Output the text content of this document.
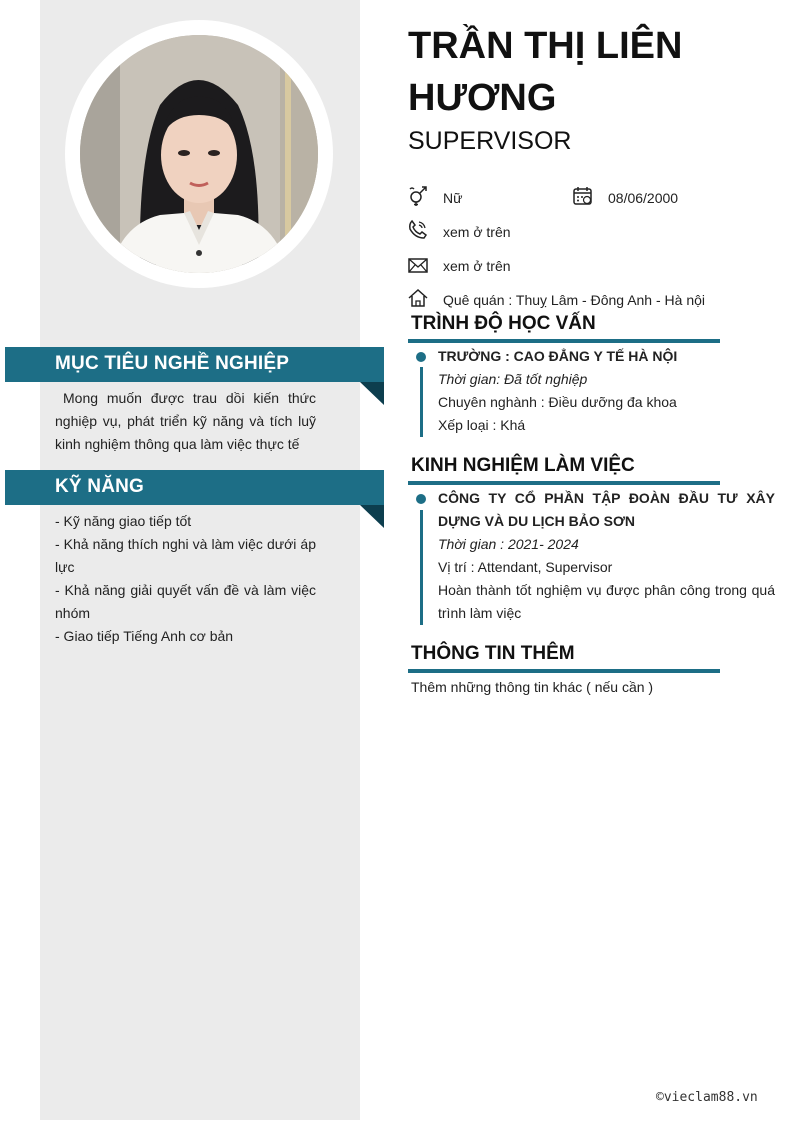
MỤC TIÊU NGHỀ NGHIỆP
Mong muốn được trau dồi kiến thức nghiệp vụ, phát triển kỹ năng và tích luỹ kinh nghiệm thông qua làm việc thực tế
KỸ NĂNG
- Kỹ năng giao tiếp tốt
- Khả năng thích nghi và làm việc dưới áp lực
- Khả năng giải quyết vấn đề và làm việc nhóm
- Giao tiếp Tiếng Anh cơ bản
TRẦN THỊ LIÊN HƯƠNG
SUPERVISOR
Nữ	08/06/2000
xem ở trên
xem ở trên
Quê quán : Thuỵ Lâm - Đông Anh - Hà nội
TRÌNH ĐỘ HỌC VẤN
TRƯỜNG : CAO ĐẲNG Y TẾ HÀ NỘI
Thời gian: Đã tốt nghiệp
Chuyên nghành : Điều dưỡng đa khoa
Xếp loại : Khá
KINH NGHIỆM LÀM VIỆC
CÔNG TY CỔ PHẦN TẬP ĐOÀN ĐẦU TƯ XÂY DỰNG VÀ DU LỊCH BẢO SƠN
Thời gian : 2021- 2024
Vị trí : Attendant, Supervisor
Hoàn thành tốt nghiệm vụ được phân công trong quá trình làm việc
THÔNG TIN THÊM
Thêm những thông tin khác ( nếu cần )
©vieclam88.vn
